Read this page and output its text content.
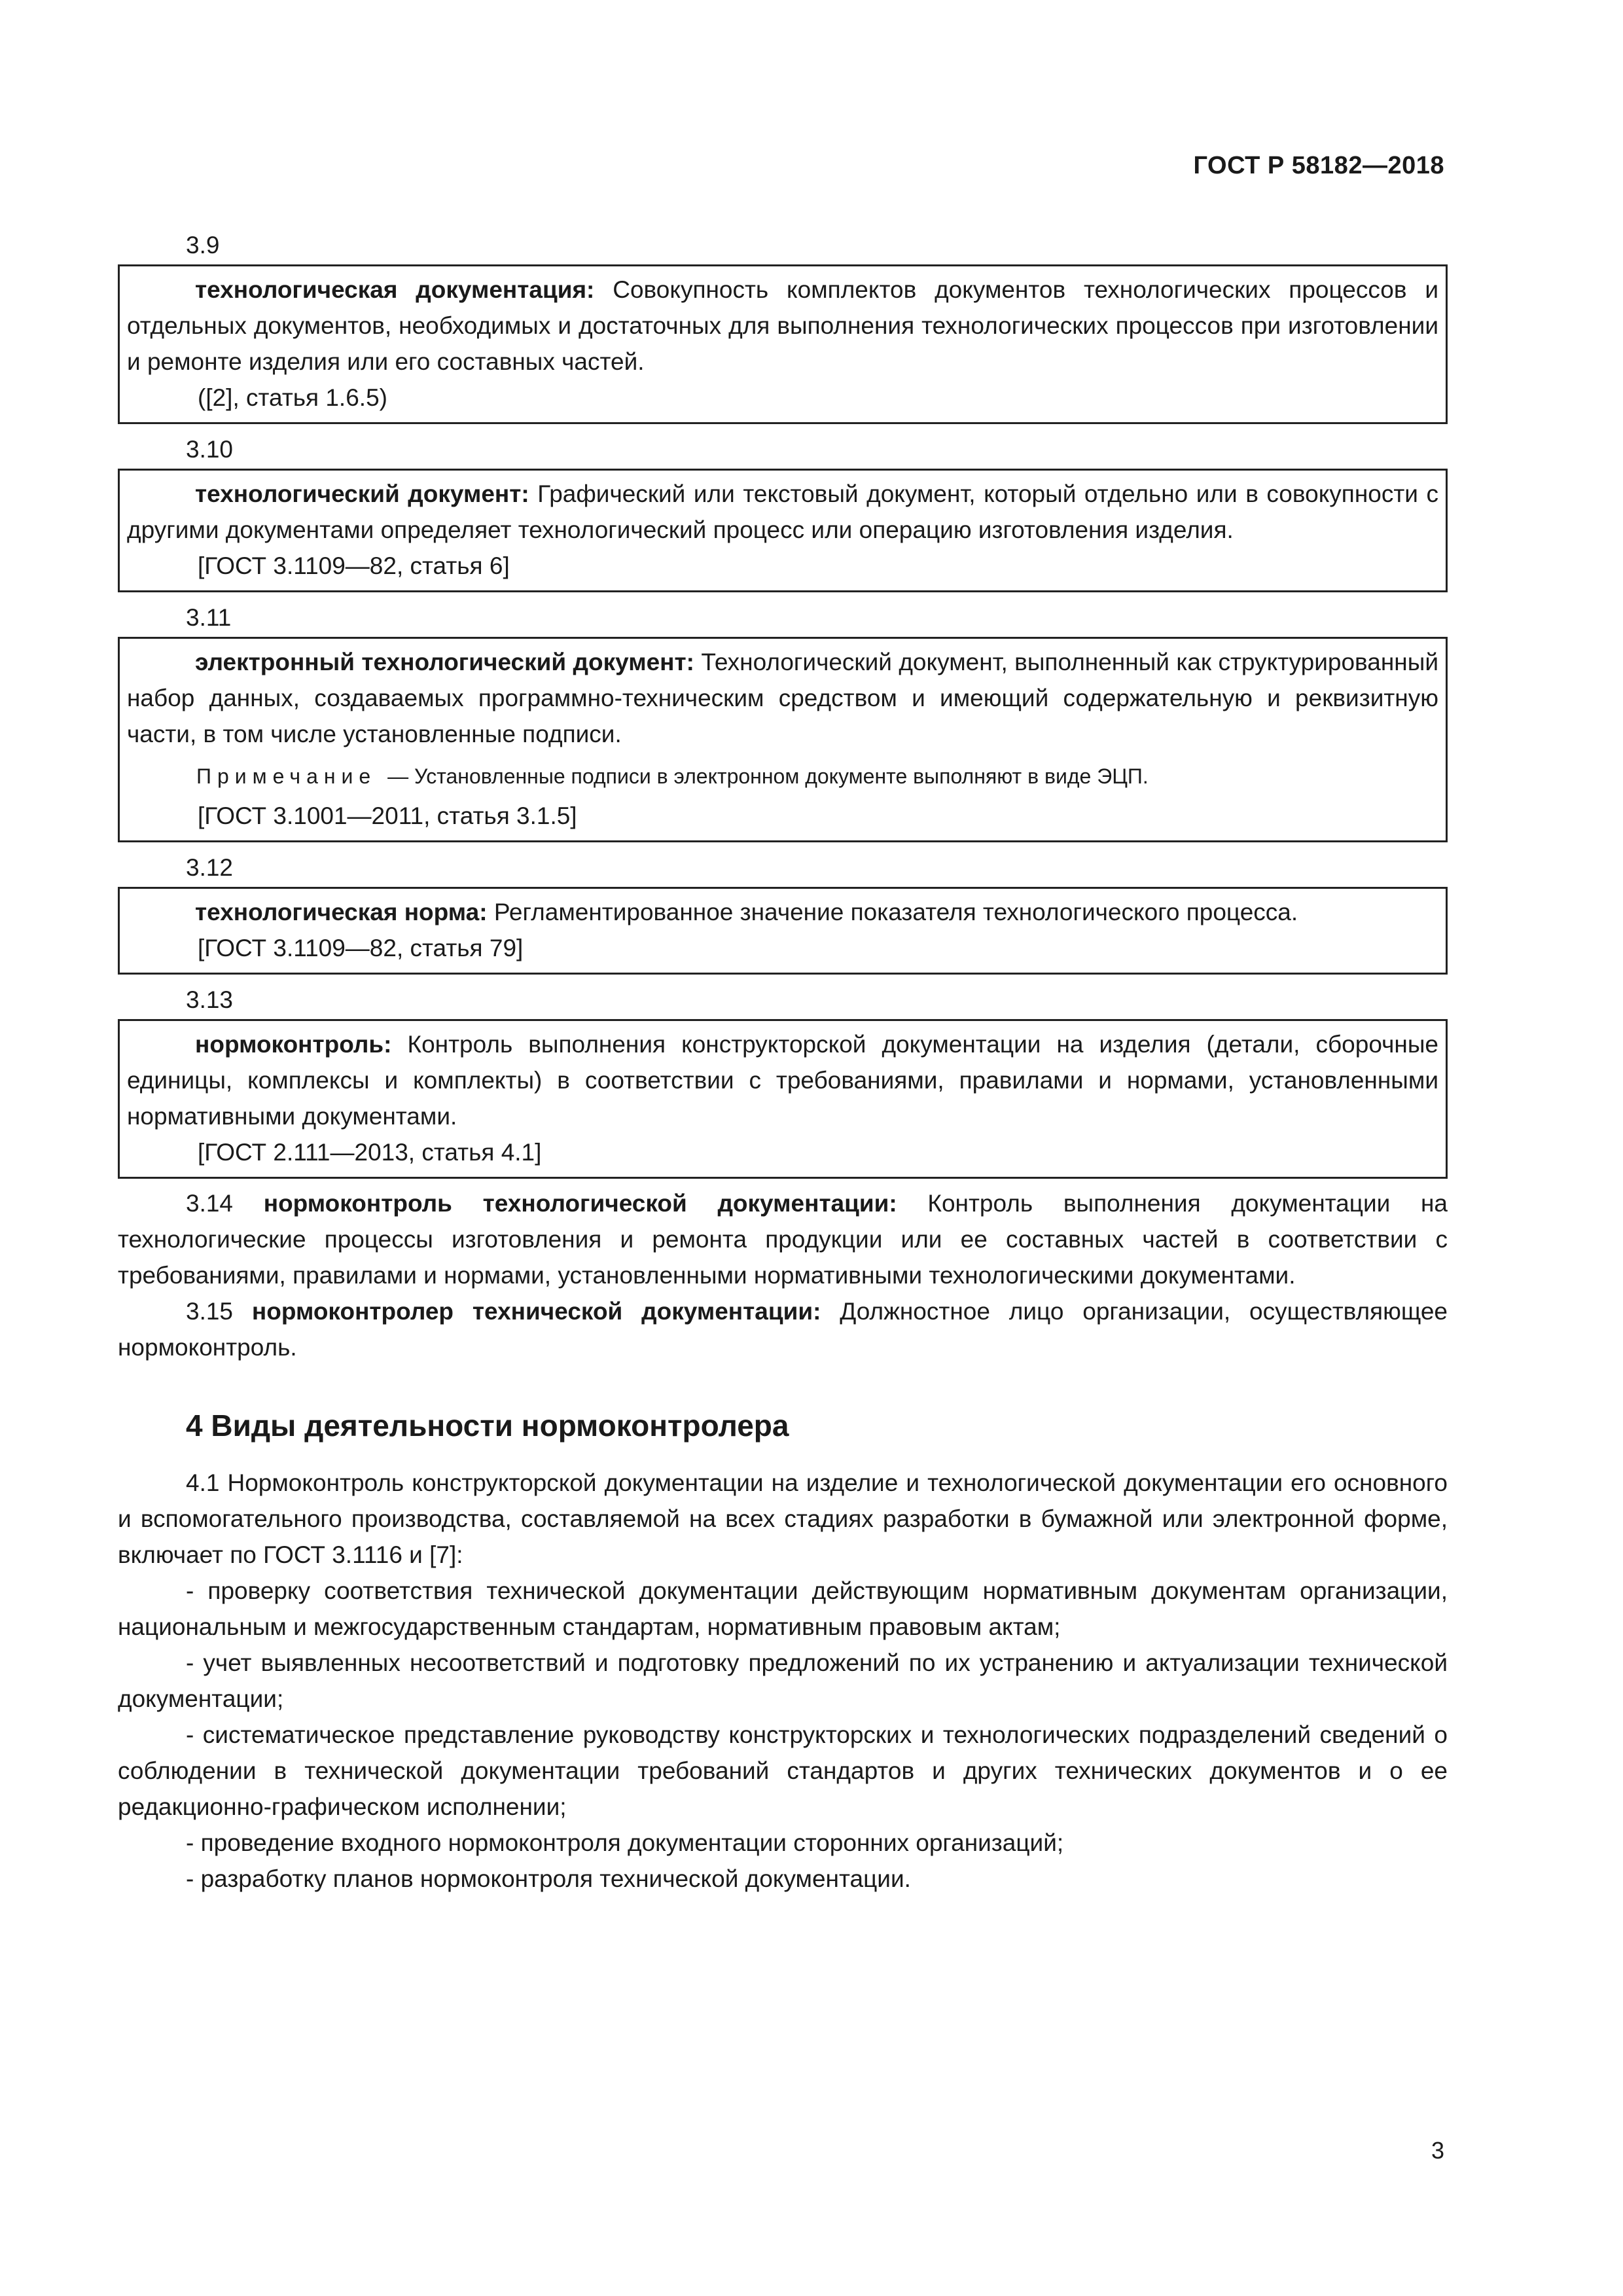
ГОСТ Р 58182—2018
3.9

технологическая документация: Совокупность комплектов документов технологических процессов и отдельных документов, необходимых и достаточных для выполнения технологических процессов при изготовлении и ремонте изделия или его составных частей.

([2], статья 1.6.5)

3.10

технологический документ: Графический или текстовый документ, который отдельно или в совокупности с другими документами определяет технологический процесс или операцию изготовления изделия.

[ГОСТ 3.1109—82, статья 6]

3.11

электронный технологический документ: Технологический документ, выполненный как структурированный набор данных, создаваемых программно-техническим средством и имеющий содержательную и реквизитную части, в том числе установленные подписи.

Примечание — Установленные подписи в электронном документе выполняют в виде ЭЦП.

[ГОСТ 3.1001—2011, статья 3.1.5]

3.12

технологическая норма: Регламентированное значение показателя технологического процесса.

[ГОСТ 3.1109—82, статья 79]

3.13

нормоконтроль: Контроль выполнения конструкторской документации на изделия (детали, сборочные единицы, комплексы и комплекты) в соответствии с требованиями, правилами и нормами, установленными нормативными документами.

[ГОСТ 2.111—2013, статья 4.1]

3.14 нормоконтроль технологической документации: Контроль выполнения документации на технологические процессы изготовления и ремонта продукции или ее составных частей в соответствии с требованиями, правилами и нормами, установленными нормативными технологическими документами.

3.15 нормоконтролер технической документации: Должностное лицо организации, осуществляющее нормоконтроль.

4 Виды деятельности нормоконтролера

4.1 Нормоконтроль конструкторской документации на изделие и технологической документации его основного и вспомогательного производства, составляемой на всех стадиях разработки в бумажной или электронной форме, включает по ГОСТ 3.1116 и [7]:

- проверку соответствия технической документации действующим нормативным документам организации, национальным и межгосударственным стандартам, нормативным правовым актам;

- учет выявленных несоответствий и подготовку предложений по их устранению и актуализации технической документации;

- систематическое представление руководству конструкторских и технологических подразделений сведений о соблюдении в технической документации требований стандартов и других технических документов и о ее редакционно-графическом исполнении;

- проведение входного нормоконтроля документации сторонних организаций;

- разработку планов нормоконтроля технической документации.

3
